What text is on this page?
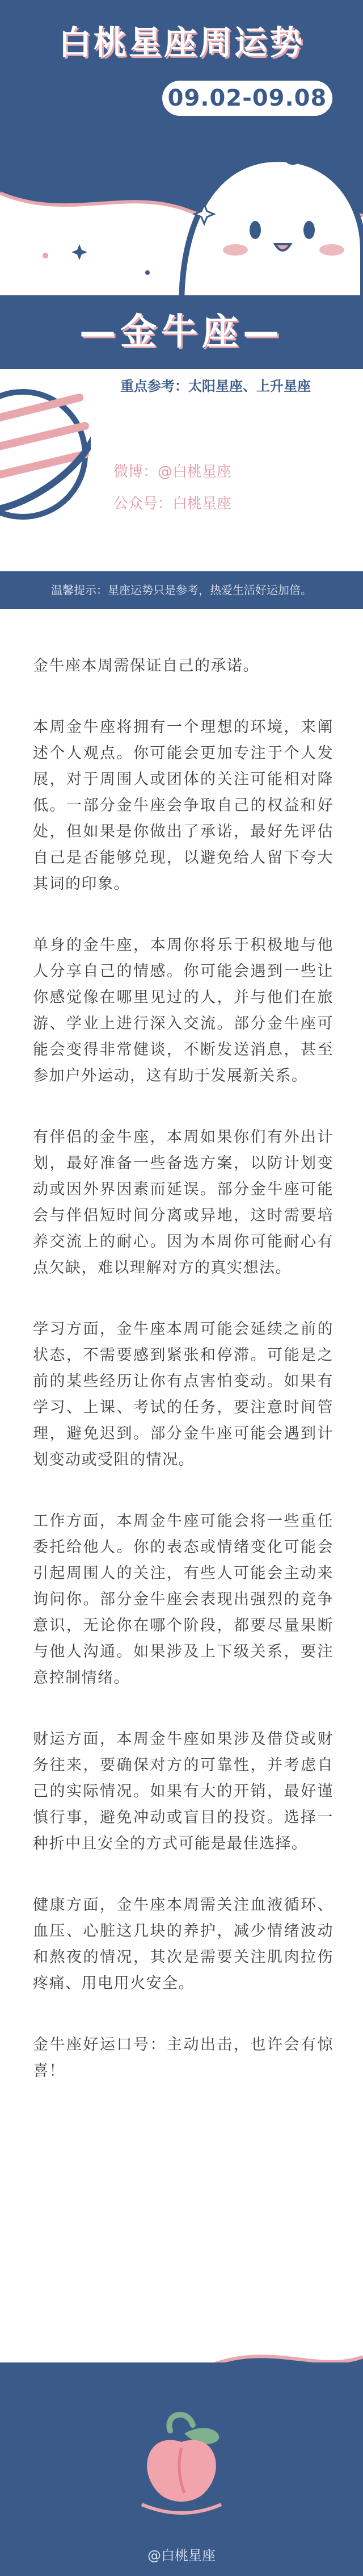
白桃星座周运势
09.02-09.08
—金牛座—
重点参考：太阳星座、上升星座
微博：@白桃星座
公众号：白桃星座
温馨提示：星座运势只是参考，热爱生活好运加倍。

金牛座本周需保证自己的承诺。

本周金牛座将拥有一个理想的环境，来阐述个人观点。你可能会更加专注于个人发展，对于周围人或团体的关注可能相对降低。一部分金牛座会争取自己的权益和好处，但如果是你做出了承诺，最好先评估自己是否能够兑现，以避免给人留下夸大其词的印象。

单身的金牛座，本周你将乐于积极地与他人分享自己的情感。你可能会遇到一些让你感觉像在哪里见过的人，并与他们在旅游、学业上进行深入交流。部分金牛座可能会变得非常健谈，不断发送消息，甚至参加户外运动，这有助于发展新关系。

有伴侣的金牛座，本周如果你们有外出计划，最好准备一些备选方案，以防计划变动或因外界因素而延误。部分金牛座可能会与伴侣短时间分离或异地，这时需要培养交流上的耐心。因为本周你可能耐心有点欠缺，难以理解对方的真实想法。

学习方面，金牛座本周可能会延续之前的状态，不需要感到紧张和停滞。可能是之前的某些经历让你有点害怕变动。如果有学习、上课、考试的任务，要注意时间管理，避免迟到。部分金牛座可能会遇到计划变动或受阻的情况。

工作方面，本周金牛座可能会将一些重任委托给他人。你的表态或情绪变化可能会引起周围人的关注，有些人可能会主动来询问你。部分金牛座会表现出强烈的竞争意识，无论你在哪个阶段，都要尽量果断与他人沟通。如果涉及上下级关系，要注意控制情绪。

财运方面，本周金牛座如果涉及借贷或财务往来，要确保对方的可靠性，并考虑自己的实际情况。如果有大的开销，最好谨慎行事，避免冲动或盲目的投资。选择一种折中且安全的方式可能是最佳选择。

健康方面，金牛座本周需关注血液循环、血压、心脏这几块的养护，减少情绪波动和熬夜的情况，其次是需要关注肌肉拉伤疼痛、用电用火安全。

金牛座好运口号：主动出击，也许会有惊喜！

@白桃星座
